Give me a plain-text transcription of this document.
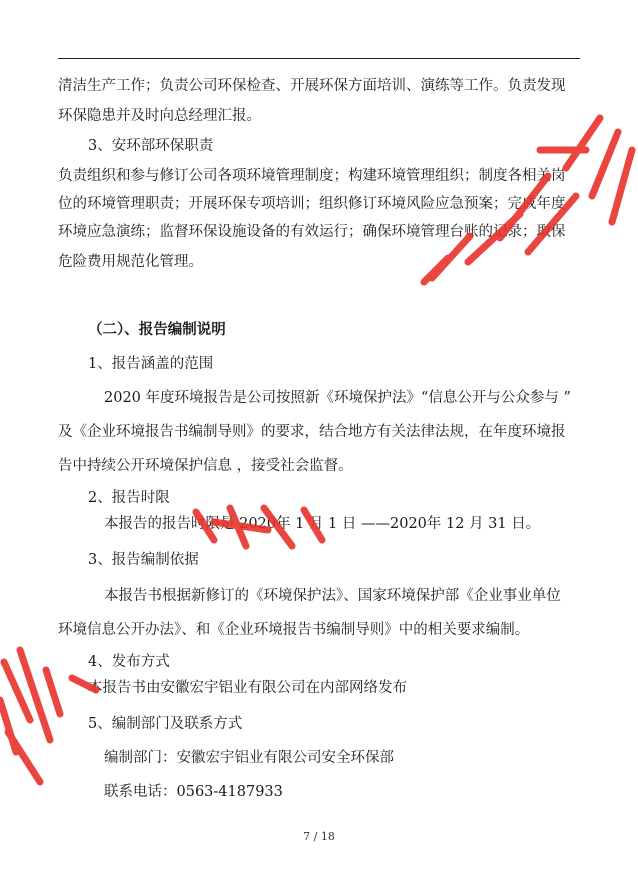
清洁生产工作；负责公司环保检查、开展环保方面培训、演练等工作。负责发现
环保隐患并及时向总经理汇报。
3、安环部环保职责
负责组织和参与修订公司各项环境管理制度；构建环境管理组织；制度各相关岗
位的环境管理职责；开展环保专项培训；组织修订环境风险应急预案；完成年度
环境应急演练；监督环保设施设备的有效运行；确保环境管理台账的记录；取保
危险费用规范化管理。
（二）、报告编制说明
1、报告涵盖的范围
2020 年度环境报告是公司按照新《环境保护法》“信息公开与公众参与 ”
及《企业环境报告书编制导则》的要求，结合地方有关法律法规，在年度环境报
告中持续公开环境保护信息 ，接受社会监督。
2、报告时限
本报告的报告时限是 2020年 1 月 1 日 ——2020年 12 月 31 日。
3、报告编制依据
本报告书根据新修订的《环境保护法》、国家环境保护部《企业事业单位
环境信息公开办法》、和《企业环境报告书编制导则》中的相关要求编制。
4、发布方式
本报告书由安徽宏宇铝业有限公司在内部网络发布
5、编制部门及联系方式
编制部门：安徽宏宇铝业有限公司安全环保部
联系电话：0563-4187933
7 / 18
